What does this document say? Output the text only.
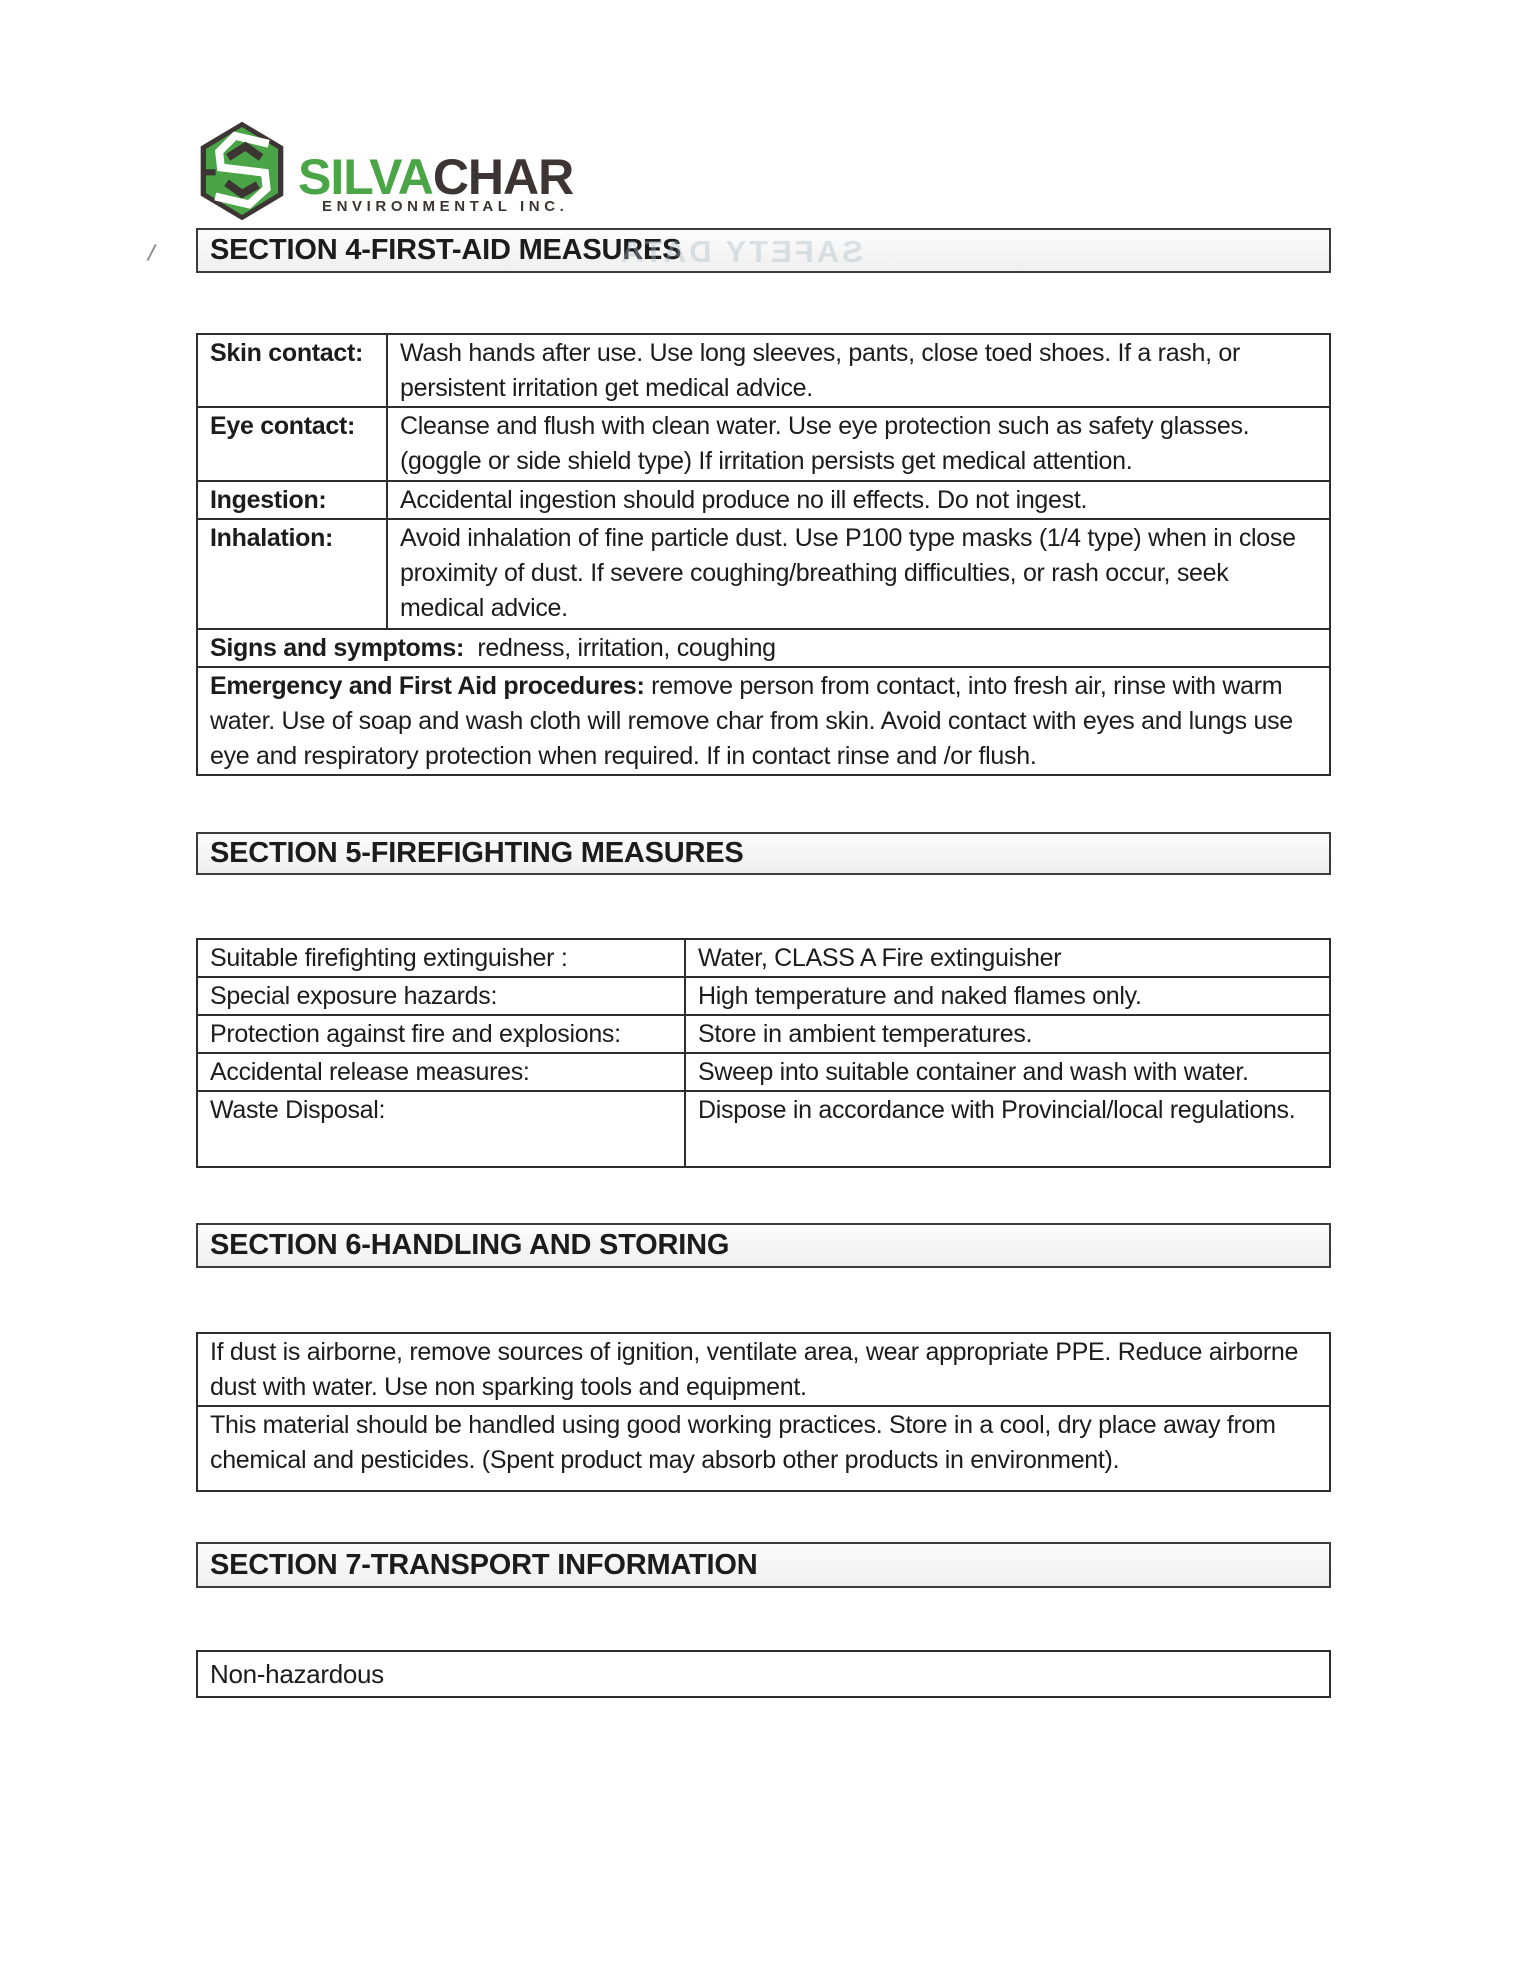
SILVACHAR
ENVIRONMENTAL INC.
/	SECTION 4-FIRST-AID MEASURES
SAFETY DATA
Skin contact:	Wash hands after use. Use long sleeves, pants, close toed shoes. If a rash, or persistent irritation get medical advice.
Eye contact:	Cleanse and flush with clean water. Use eye protection such as safety glasses.(goggle or side shield type) If irritation persists get medical attention.
Ingestion:	Accidental ingestion should produce no ill effects. Do not ingest.
Inhalation:	Avoid inhalation of fine particle dust. Use P100 type masks (1/4 type) when in close proximity of dust. If severe coughing/breathing difficulties, or rash occur, seek medical advice.
Signs and symptoms:  redness, irritation, coughing	
Emergency and First Aid procedures: remove person from contact, into fresh air, rinse with warm water. Use of soap and wash cloth will remove char from skin. Avoid contact with eyes and lungs use eye and respiratory protection when required. If in contact rinse and /or flush.	
SECTION 5-FIREFIGHTING MEASURES
Suitable firefighting extinguisher :	Water, CLASS A Fire extinguisher
Special exposure hazards:	High temperature and naked flames only.
Protection against fire and explosions:	Store in ambient temperatures.
Accidental release measures:	Sweep into suitable container and wash with water.
Waste Disposal:	Dispose in accordance with Provincial/local regulations.
SECTION 6-HANDLING AND STORING
If dust is airborne, remove sources of ignition, ventilate area, wear appropriate PPE. Reduce airborne dust with water. Use non sparking tools and equipment.
This material should be handled using good working practices. Store in a cool, dry place away from chemical and pesticides. (Spent product may absorb other products in environment).
SECTION 7-TRANSPORT INFORMATION
Non-hazardous
